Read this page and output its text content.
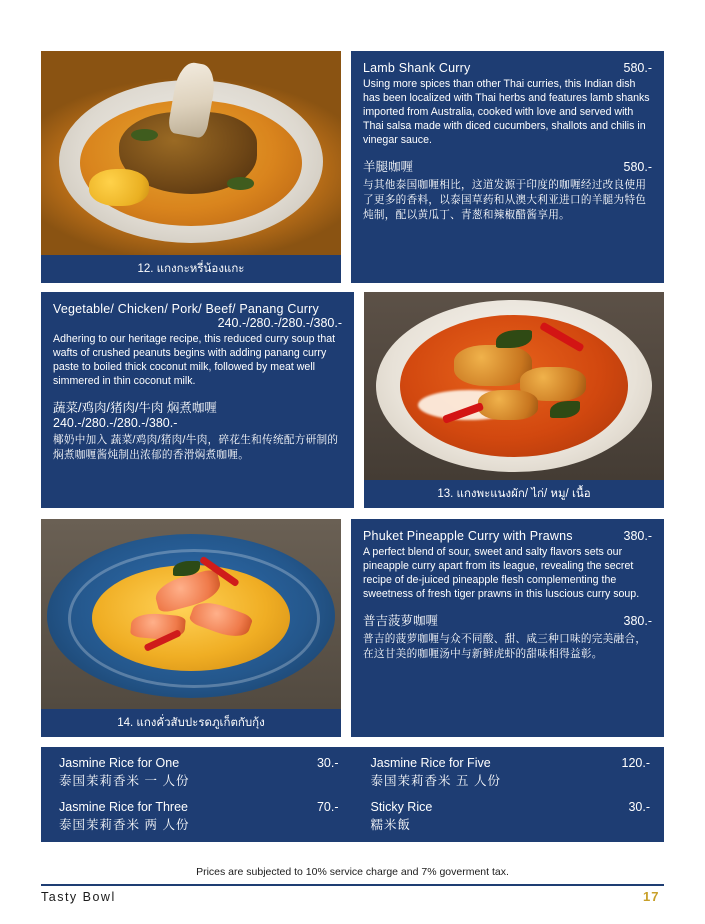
12. แกงกะหรี่น้องแกะ
Lamb Shank Curry	580.-
Using more spices than other Thai curries, this Indian dish has been localized with Thai herbs and features lamb shanks imported from Australia, cooked with love and served with Thai salsa made with diced cucumbers, shallots and chilis in vinegar sauce.
羊腿咖喱	580.-
与其他泰国咖喱相比，这道发源于印度的咖喱经过改良使用了更多的香料，以泰国草药和从澳大利亚进口的羊腿为特色炖制，配以黄瓜丁、青葱和辣椒醋酱享用。
Vegetable/ Chicken/ Pork/ Beef/ Panang Curry
240.-/280.-/280.-/380.-
Adhering to our heritage recipe, this reduced curry soup that wafts of crushed peanuts begins with adding panang curry paste to boiled thick coconut milk, followed by meat well simmered in thin coconut milk.
蔬菜/鸡肉/猪肉/牛肉 焖煮咖喱
240.-/280.-/280.-/380.-
椰奶中加入 蔬菜/鸡肉/猪肉/牛肉，碎花生和传统配方研制的焖煮咖喱酱炖制出浓郁的香滑焖煮咖喱。
13. แกงพะแนงผัก/ ไก่/ หมู/ เนื้อ
14. แกงคั่วสับปะรดภูเก็ตกับกุ้ง
Phuket Pineapple Curry with Prawns	380.-
A perfect blend of sour, sweet and salty flavors sets our pineapple curry apart from its league, revealing the secret recipe of de-juiced pineapple flesh complementing the sweetness of fresh tiger prawns in this luscious curry soup.
普吉菠萝咖喱	380.-
普吉的菠萝咖喱与众不同酸、甜、咸三种口味的完美融合，在这甘美的咖喱汤中与新鲜虎虾的甜味相得益彰。
Jasmine Rice for One
泰国茉莉香米 一 人份
30.-
Jasmine Rice for Three
泰国茉莉香米 两 人份
70.-
Jasmine Rice for Five
泰国茉莉香米 五 人份
120.-
Sticky Rice
糯米飯
30.-
Prices are subjected to 10% service charge and 7% goverment tax.
Tasty Bowl	17
